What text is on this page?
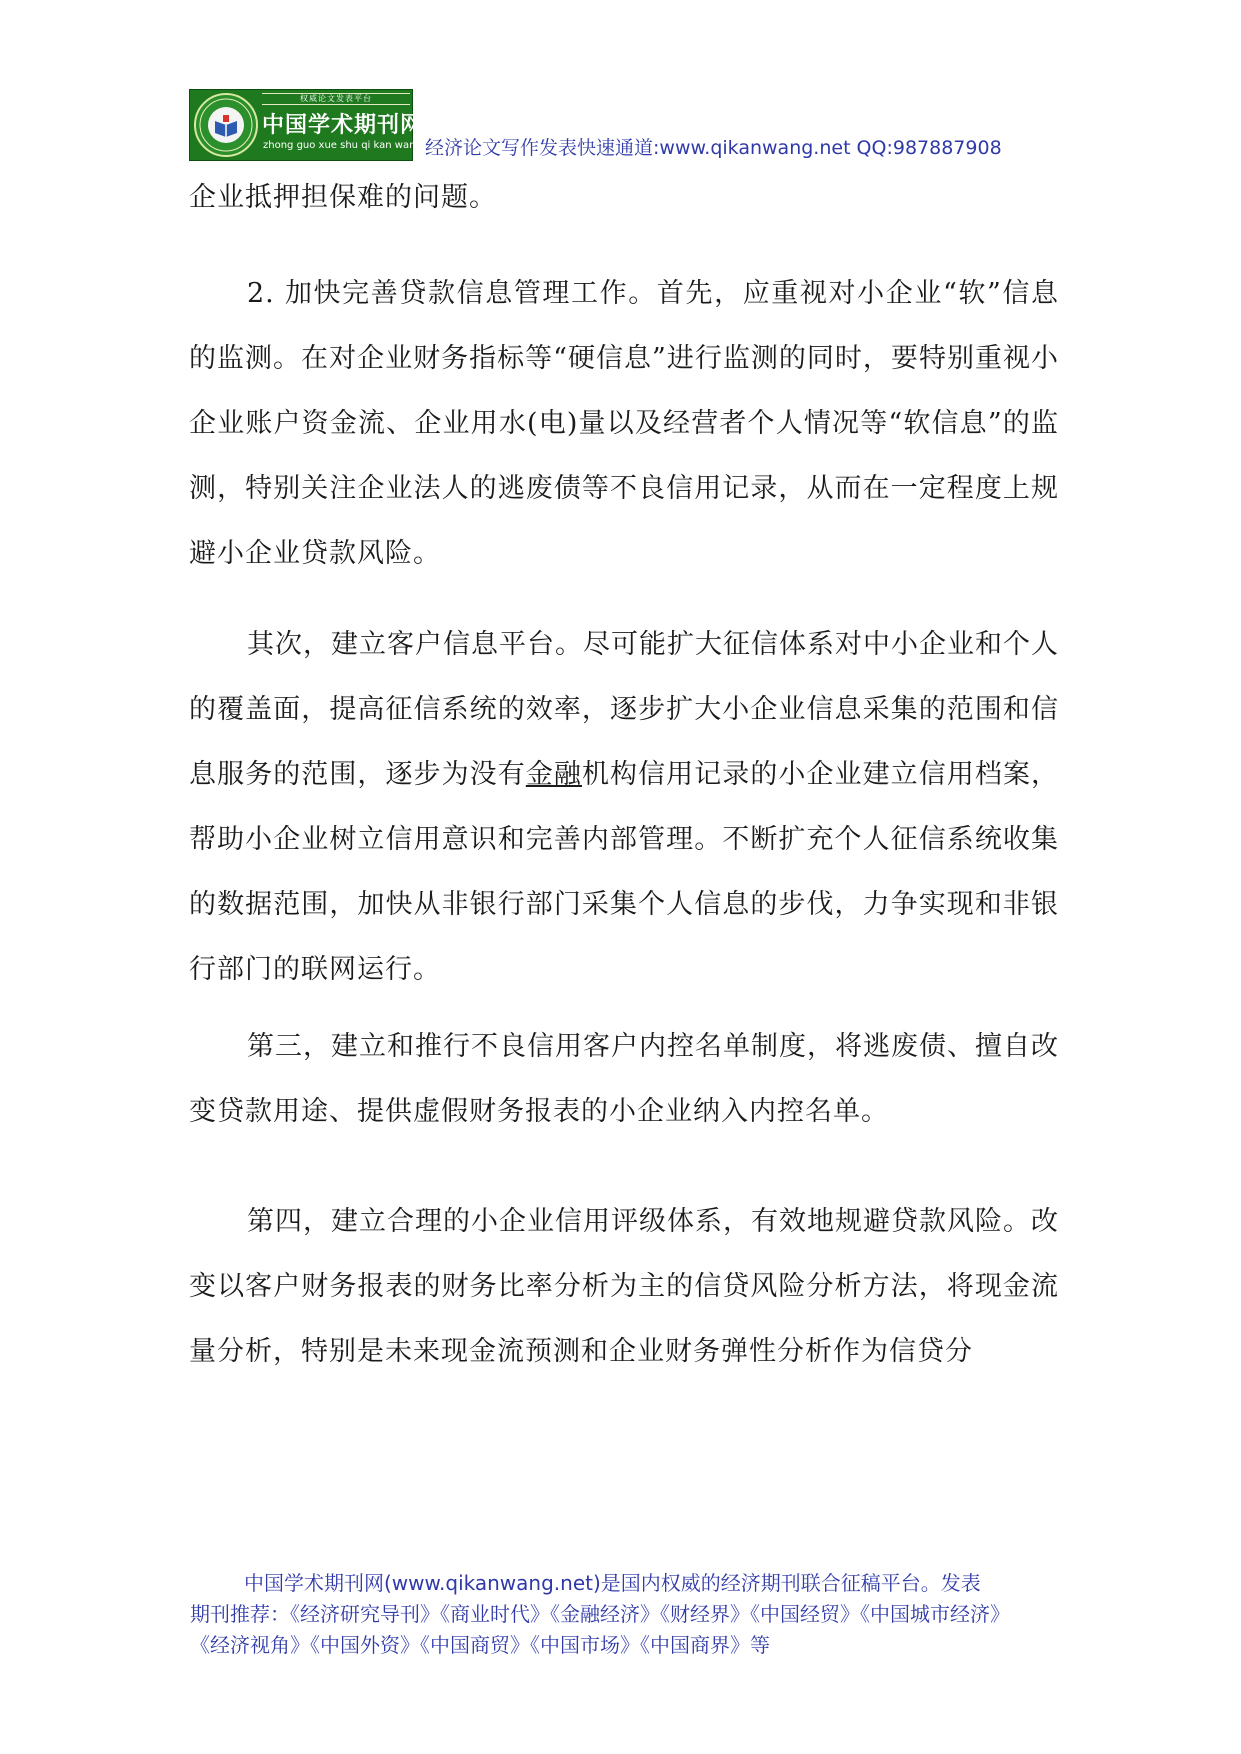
权威论文发表平台
中国学术期刊网
zhong guo xue shu qi kan wang 经济论文写作发表快速通道:www.qikanwang.net QQ:987887908
企业抵押担保难的问题。
2. 加快完善贷款信息管理工作。首先，应重视对小企业“软”信息的监测。在对企业财务指标等“硬信息”进行监测的同时，要特别重视小企业账户资金流、企业用水(电)量以及经营者个人情况等“软信息”的监测，特别关注企业法人的逃废债等不良信用记录，从而在一定程度上规避小企业贷款风险。
其次，建立客户信息平台。尽可能扩大征信体系对中小企业和个人的覆盖面，提高征信系统的效率，逐步扩大小企业信息采集的范围和信息服务的范围，逐步为没有金融机构信用记录的小企业建立信用档案，帮助小企业树立信用意识和完善内部管理。不断扩充个人征信系统收集的数据范围，加快从非银行部门采集个人信息的步伐，力争实现和非银行部门的联网运行。
第三，建立和推行不良信用客户内控名单制度，将逃废债、擅自改变贷款用途、提供虚假财务报表的小企业纳入内控名单。
第四，建立合理的小企业信用评级体系，有效地规避贷款风险。改变以客户财务报表的财务比率分析为主的信贷风险分析方法，将现金流量分析，特别是未来现金流预测和企业财务弹性分析作为信贷分
中国学术期刊网(www.qikanwang.net)是国内权威的经济期刊联合征稿平台。发表
期刊推荐：《经济研究导刊》《商业时代》《金融经济》《财经界》《中国经贸》《中国城市经济》
《经济视角》《中国外资》《中国商贸》《中国市场》《中国商界》等
